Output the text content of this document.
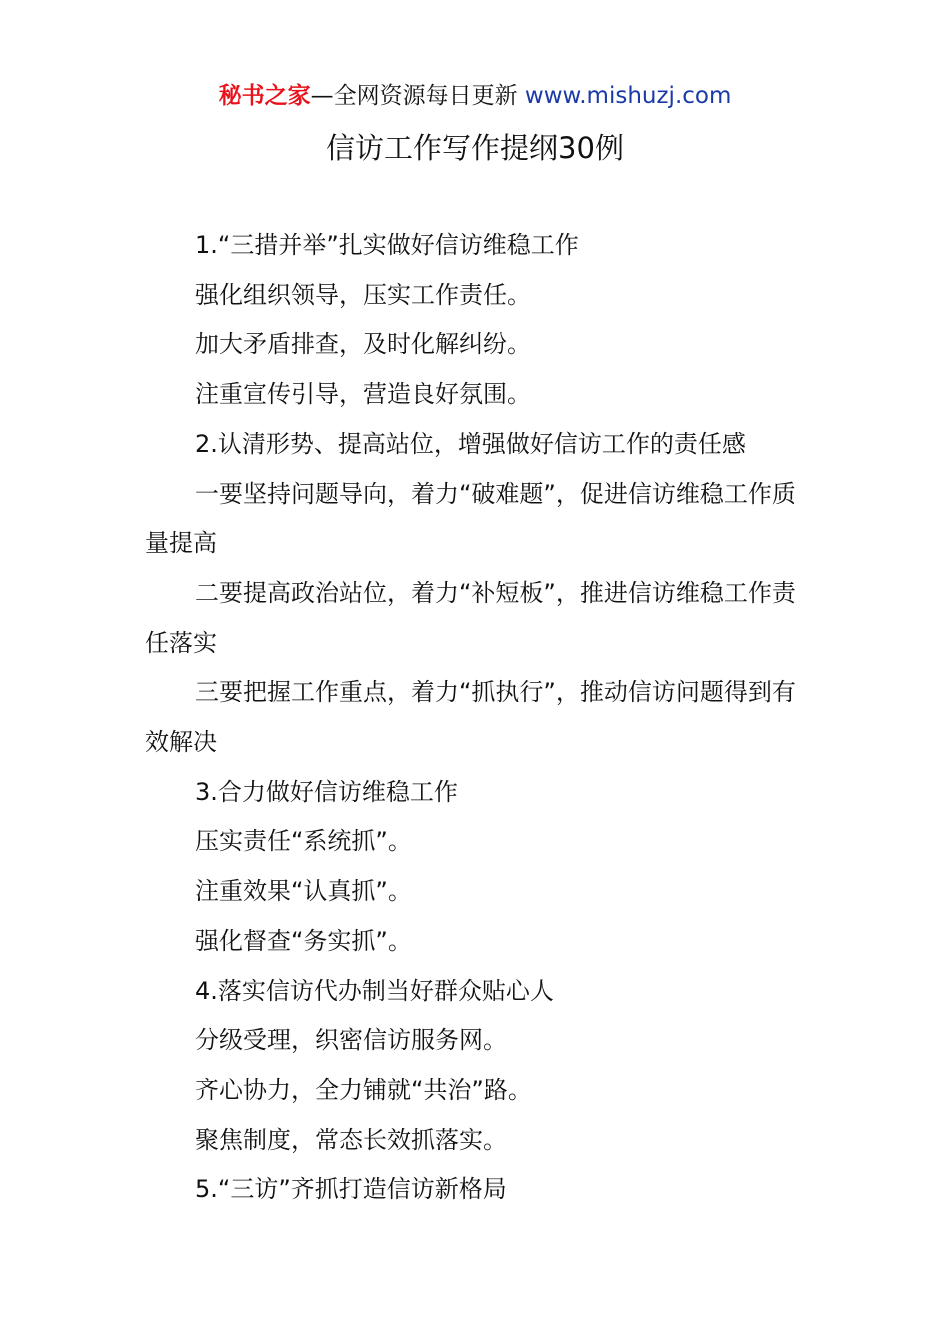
秘书之家—全网资源每日更新 www.mishuzj.com
信访工作写作提纲30例

1.“三措并举”扎实做好信访维稳工作

强化组织领导，压实工作责任。

加大矛盾排查，及时化解纠纷。

注重宣传引导，营造良好氛围。

2.认清形势、提高站位，增强做好信访工作的责任感

一要坚持问题导向，着力“破难题”，促进信访维稳工作质量提高

二要提高政治站位，着力“补短板”，推进信访维稳工作责任落实

三要把握工作重点，着力“抓执行”，推动信访问题得到有效解决

3.合力做好信访维稳工作

压实责任“系统抓”。

注重效果“认真抓”。

强化督查“务实抓”。

4.落实信访代办制当好群众贴心人

分级受理，织密信访服务网。

齐心协力，全力铺就“共治”路。

聚焦制度，常态长效抓落实。

5.“三访”齐抓打造信访新格局
